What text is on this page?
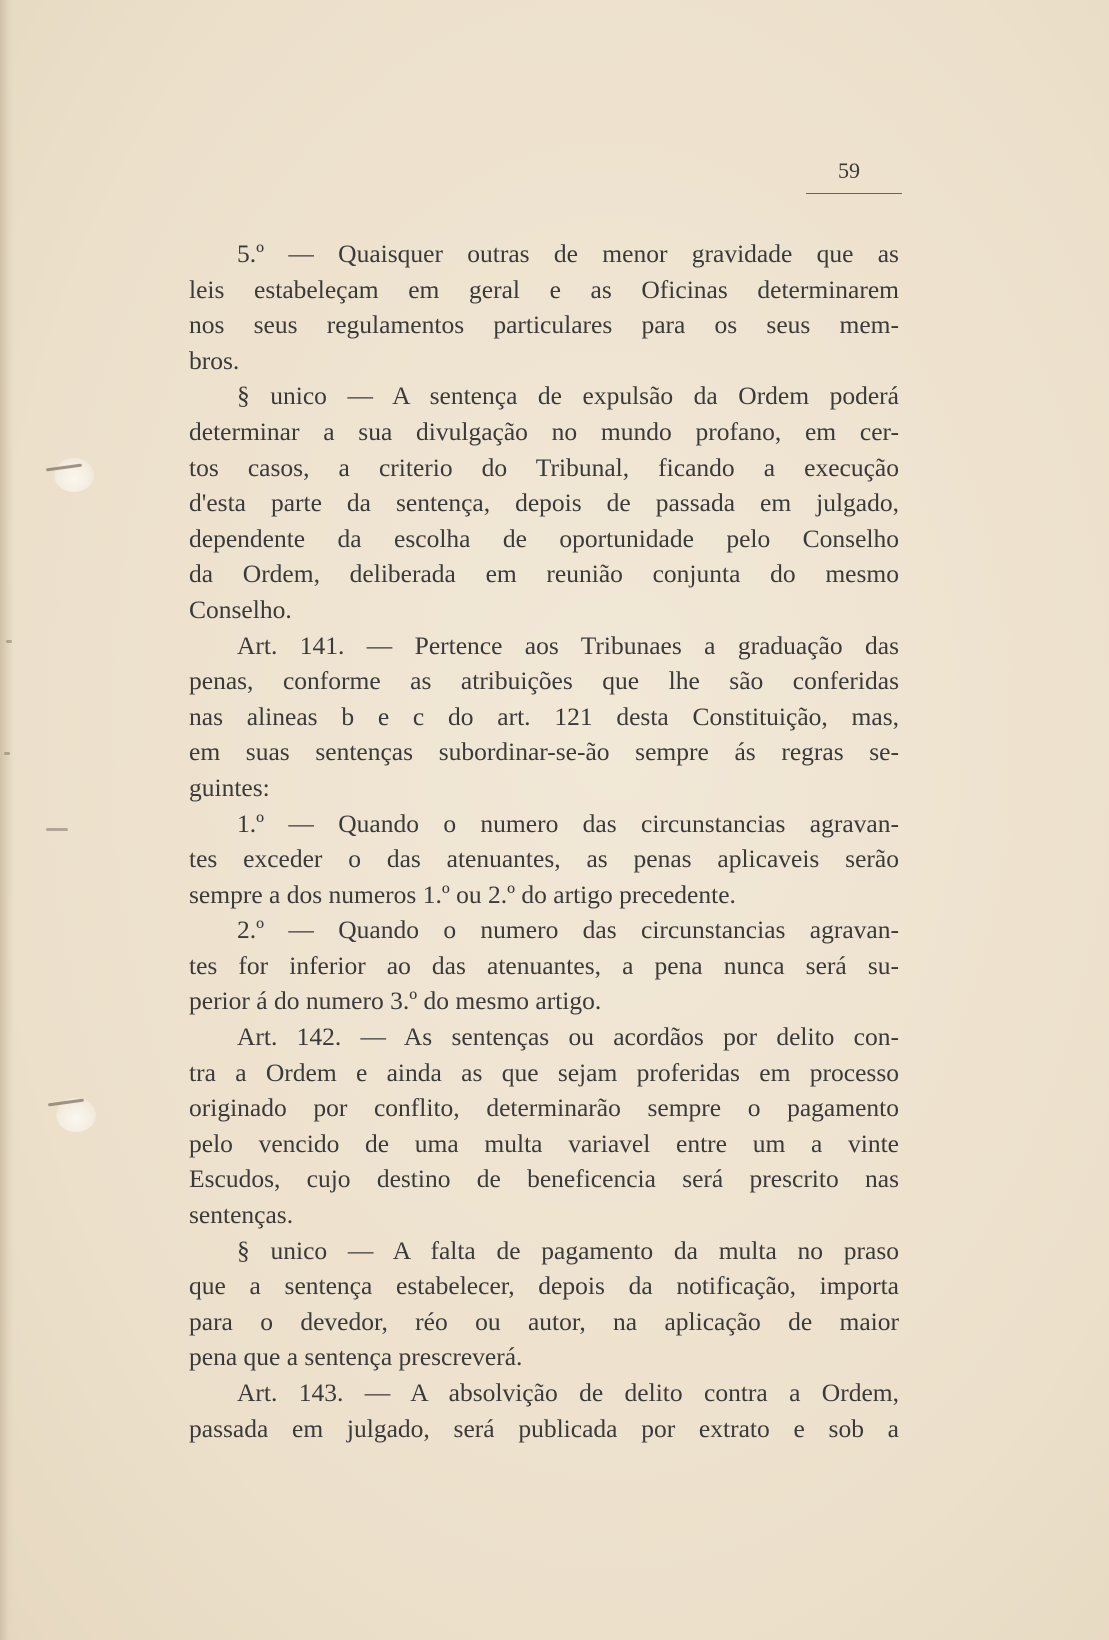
59
5.º — Quaisquer outras de menor gravidade que as
leis estabeleçam em geral e as Oficinas determinarem
nos seus regulamentos particulares para os seus mem-
bros.
§ unico — A sentença de expulsão da Ordem poderá
determinar a sua divulgação no mundo profano, em cer-
tos casos, a criterio do Tribunal, ficando a execução
d'esta parte da sentença, depois de passada em julgado,
dependente da escolha de oportunidade pelo Conselho
da Ordem, deliberada em reunião conjunta do mesmo
Conselho.
Art. 141. — Pertence aos Tribunaes a graduação das
penas, conforme as atribuições que lhe são conferidas
nas alineas b e c do art. 121 desta Constituição, mas,
em suas sentenças subordinar-se-ão sempre ás regras se-
guintes:
1.º — Quando o numero das circunstancias agravan-
tes exceder o das atenuantes, as penas aplicaveis serão
sempre a dos numeros 1.º ou 2.º do artigo precedente.
2.º — Quando o numero das circunstancias agravan-
tes for inferior ao das atenuantes, a pena nunca será su-
perior á do numero 3.º do mesmo artigo.
Art. 142. — As sentenças ou acordãos por delito con-
tra a Ordem e ainda as que sejam proferidas em processo
originado por conflito, determinarão sempre o pagamento
pelo vencido de uma multa variavel entre um a vinte
Escudos, cujo destino de beneficencia será prescrito nas
sentenças.
§ unico — A falta de pagamento da multa no praso
que a sentença estabelecer, depois da notificação, importa
para o devedor, réo ou autor, na aplicação de maior
pena que a sentença prescreverá.
Art. 143. — A absolvição de delito contra a Ordem,
passada em julgado, será publicada por extrato e sob a
